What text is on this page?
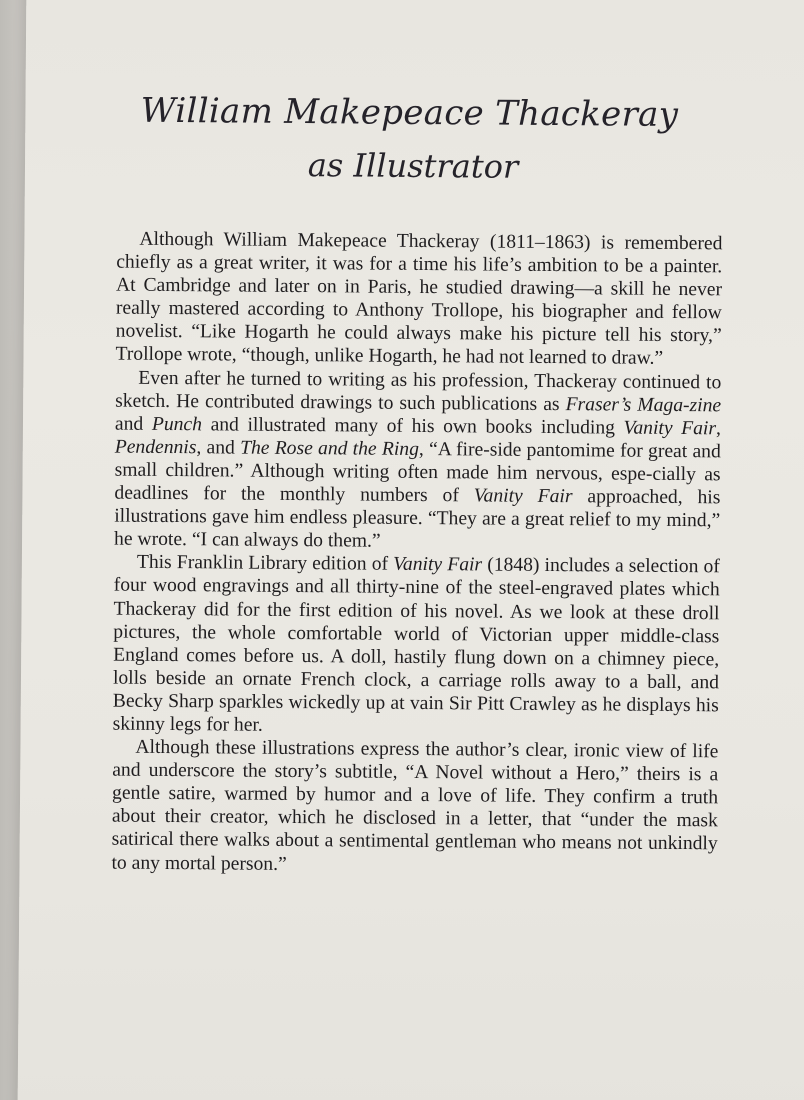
William Makepeace Thackeray
as Illustrator

Although William Makepeace Thackeray (1811–1863) is remembered chiefly as a great writer, it was for a time his life’s ambition to be a painter. At Cambridge and later on in Paris, he studied drawing—a skill he never really mastered according to Anthony Trollope, his biographer and fellow novelist. “Like Hogarth he could always make his picture tell his story,” Trollope wrote, “though, unlike Hogarth, he had not learned to draw.”

Even after he turned to writing as his profession, Thackeray continued to sketch. He contributed drawings to such publications as Fraser’s Maga-zine and Punch and illustrated many of his own books including Vanity Fair, Pendennis, and The Rose and the Ring, “A fire-side pantomime for great and small children.” Although writing often made him nervous, espe-cially as deadlines for the monthly numbers of Vanity Fair approached, his illustrations gave him endless pleasure. “They are a great relief to my mind,” he wrote. “I can always do them.”

This Franklin Library edition of Vanity Fair (1848) includes a selection of four wood engravings and all thirty-nine of the steel-engraved plates which Thackeray did for the first edition of his novel. As we look at these droll pictures, the whole comfortable world of Victorian upper middle-class England comes before us. A doll, hastily flung down on a chimney piece, lolls beside an ornate French clock, a carriage rolls away to a ball, and Becky Sharp sparkles wickedly up at vain Sir Pitt Crawley as he displays his skinny legs for her.

Although these illustrations express the author’s clear, ironic view of life and underscore the story’s subtitle, “A Novel without a Hero,” theirs is a gentle satire, warmed by humor and a love of life. They confirm a truth about their creator, which he disclosed in a letter, that “under the mask satirical there walks about a sentimental gentleman who means not unkindly to any mortal person.”
